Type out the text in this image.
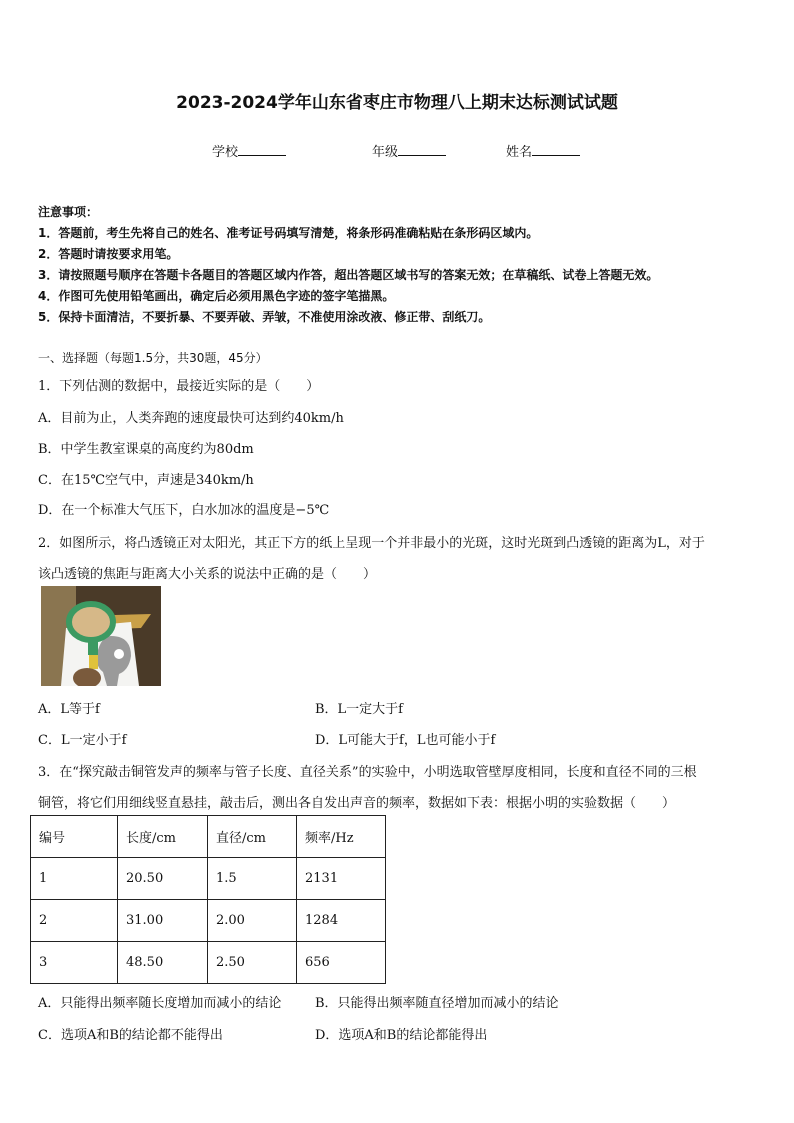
2023-2024学年山东省枣庄市物理八上期末达标测试试题
学校	年级	姓名
注意事项：
1．答题前，考生先将自己的姓名、准考证号码填写清楚，将条形码准确粘贴在条形码区域内。
2．答题时请按要求用笔。
3．请按照题号顺序在答题卡各题目的答题区域内作答，超出答题区域书写的答案无效；在草稿纸、试卷上答题无效。
4．作图可先使用铅笔画出，确定后必须用黑色字迹的签字笔描黑。
5．保持卡面清洁，不要折暴、不要弄破、弄皱，不准使用涂改液、修正带、刮纸刀。
一、选择题（每题1.5分，共30题，45分）
1．下列估测的数据中，最接近实际的是（　　）
A．目前为止，人类奔跑的速度最快可达到约40km/h
B．中学生教室课桌的高度约为80dm
C．在15℃空气中，声速是340km/h
D．在一个标准大气压下，白水加冰的温度是−5℃
2．如图所示，将凸透镜正对太阳光，其正下方的纸上呈现一个并非最小的光斑，这时光斑到凸透镜的距离为L，对于
该凸透镜的焦距与距离大小关系的说法中正确的是（　　）
A．L等于f	B．L一定大于f
C．L一定小于f	D．L可能大于f，L也可能小于f
3．在“探究敲击铜管发声的频率与管子长度、直径关系”的实验中，小明选取管壁厚度相同，长度和直径不同的三根
铜管，将它们用细线竖直悬挂，敲击后，测出各自发出声音的频率，数据如下表：根据小明的实验数据（　　）
编号	长度/cm	直径/cm	频率/Hz
1	20.50	1.5	2131
2	31.00	2.00	1284
3	48.50	2.50	656
A．只能得出频率随长度增加而减小的结论	B．只能得出频率随直径增加而减小的结论
C．选项A和B的结论都不能得出	D．选项A和B的结论都能得出
